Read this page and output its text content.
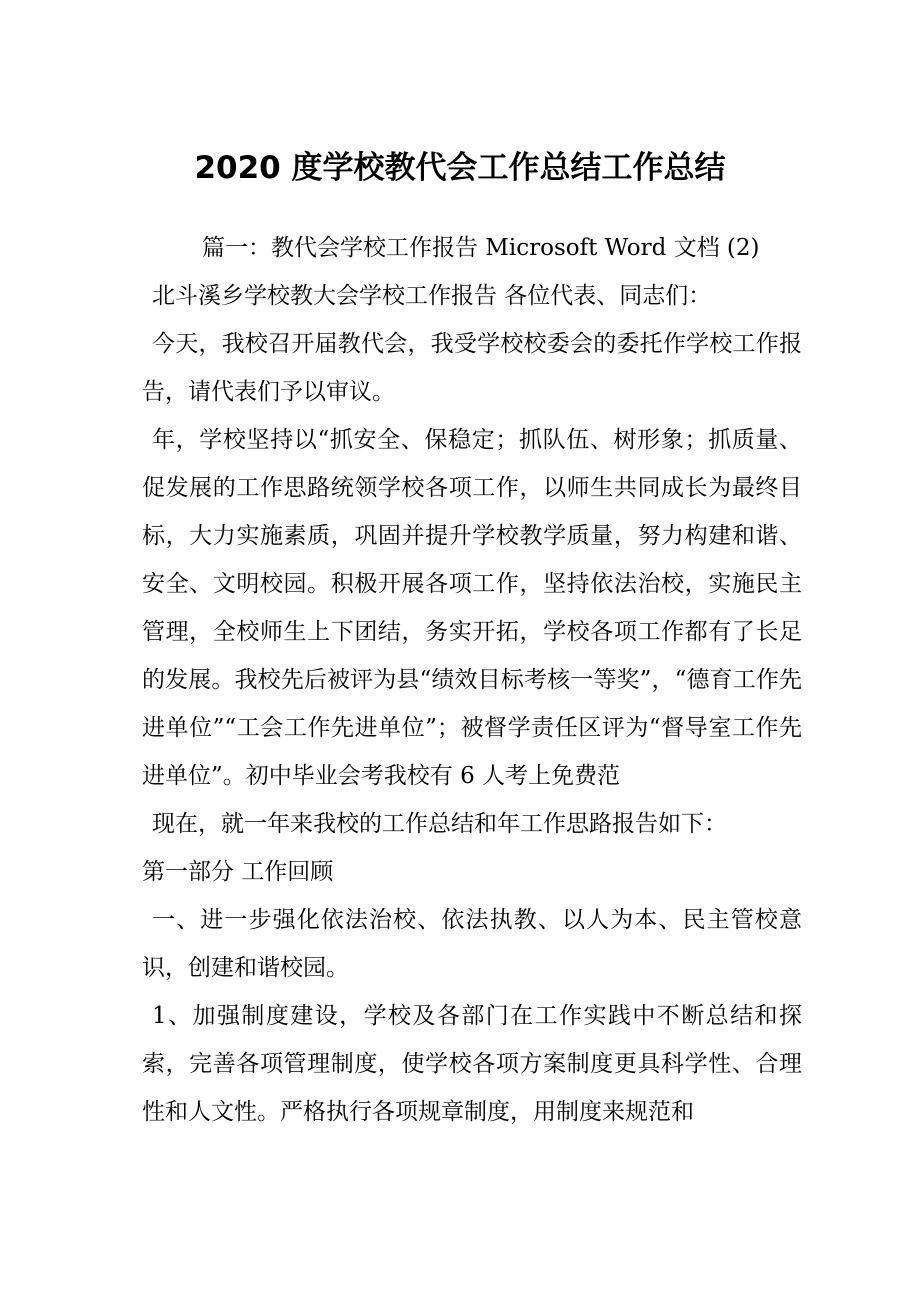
2020 度学校教代会工作总结工作总结

篇一：教代会学校工作报告 Microsoft Word 文档 (2)

北斗溪乡学校教大会学校工作报告 各位代表、同志们：

今天，我校召开届教代会，我受学校校委会的委托作学校工作报告，请代表们予以审议。

年，学校坚持以“抓安全、保稳定；抓队伍、树形象；抓质量、促发展的工作思路统领学校各项工作，以师生共同成长为最终目标，大力实施素质，巩固并提升学校教学质量，努力构建和谐、安全、文明校园。积极开展各项工作，坚持依法治校，实施民主管理，全校师生上下团结，务实开拓，学校各项工作都有了长足的发展。我校先后被评为县“绩效目标考核一等奖”，“德育工作先进单位”“工会工作先进单位”；被督学责任区评为“督导室工作先进单位”。初中毕业会考我校有 6 人考上免费范

现在，就一年来我校的工作总结和年工作思路报告如下：

第一部分 工作回顾

一、进一步强化依法治校、依法执教、以人为本、民主管校意识，创建和谐校园。

1、加强制度建设，学校及各部门在工作实践中不断总结和探索，完善各项管理制度，使学校各项方案制度更具科学性、合理性和人文性。严格执行各项规章制度，用制度来规范和
